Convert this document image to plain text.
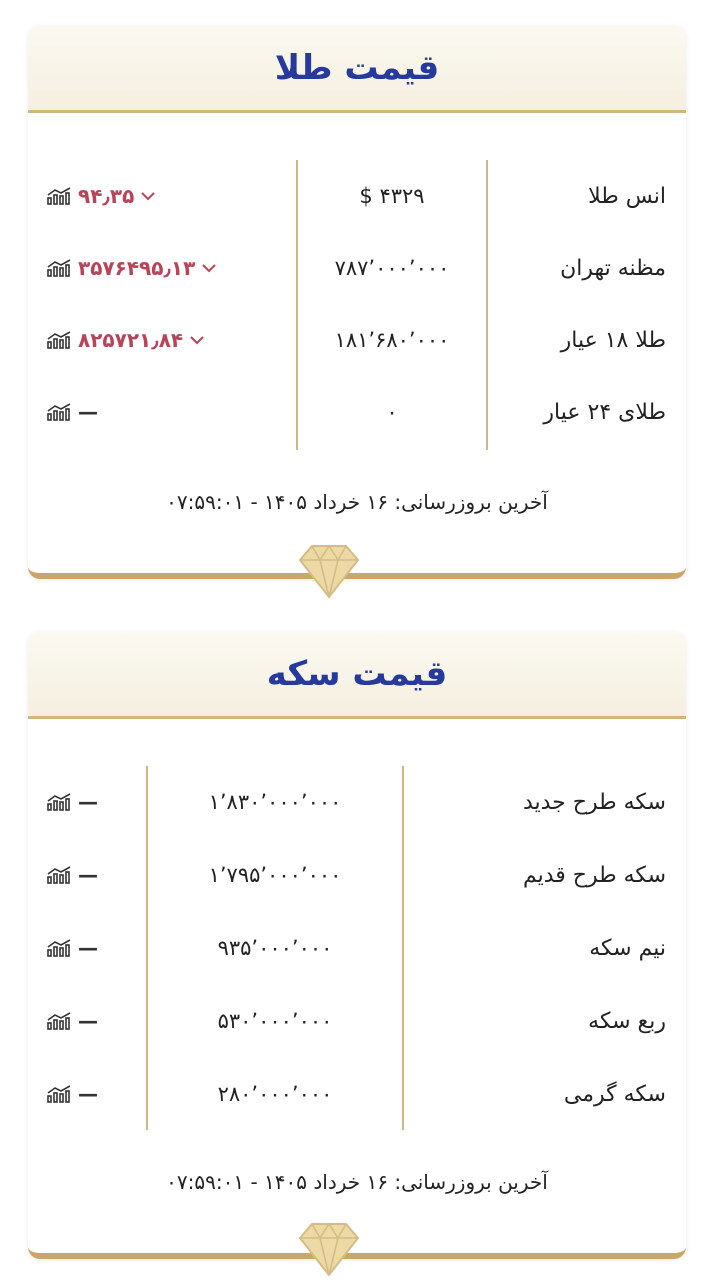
قیمت طلا
انس طلا
۴۳۲۹ $
۹۴٫۳۵
مظنه تهران
۷۸۷٬۰۰۰٬۰۰۰
۳۵۷۶۴۹۵٫۱۳
طلا ۱۸ عیار
۱۸۱٬۶۸۰٬۰۰۰
۸۲۵۷۲۱٫۸۴
طلای ۲۴ عیار
۰
—
آخرین بروزرسانی: ۱۶ خرداد ۱۴۰۵ - ۰۷:۵۹:۰۱
قیمت سکه
سکه طرح جدید
۱٬۸۳۰٬۰۰۰٬۰۰۰
—
سکه طرح قدیم
۱٬۷۹۵٬۰۰۰٬۰۰۰
—
نیم سکه
۹۳۵٬۰۰۰٬۰۰۰
—
ربع سکه
۵۳۰٬۰۰۰٬۰۰۰
—
سکه گرمی
۲۸۰٬۰۰۰٬۰۰۰
—
آخرین بروزرسانی: ۱۶ خرداد ۱۴۰۵ - ۰۷:۵۹:۰۱
